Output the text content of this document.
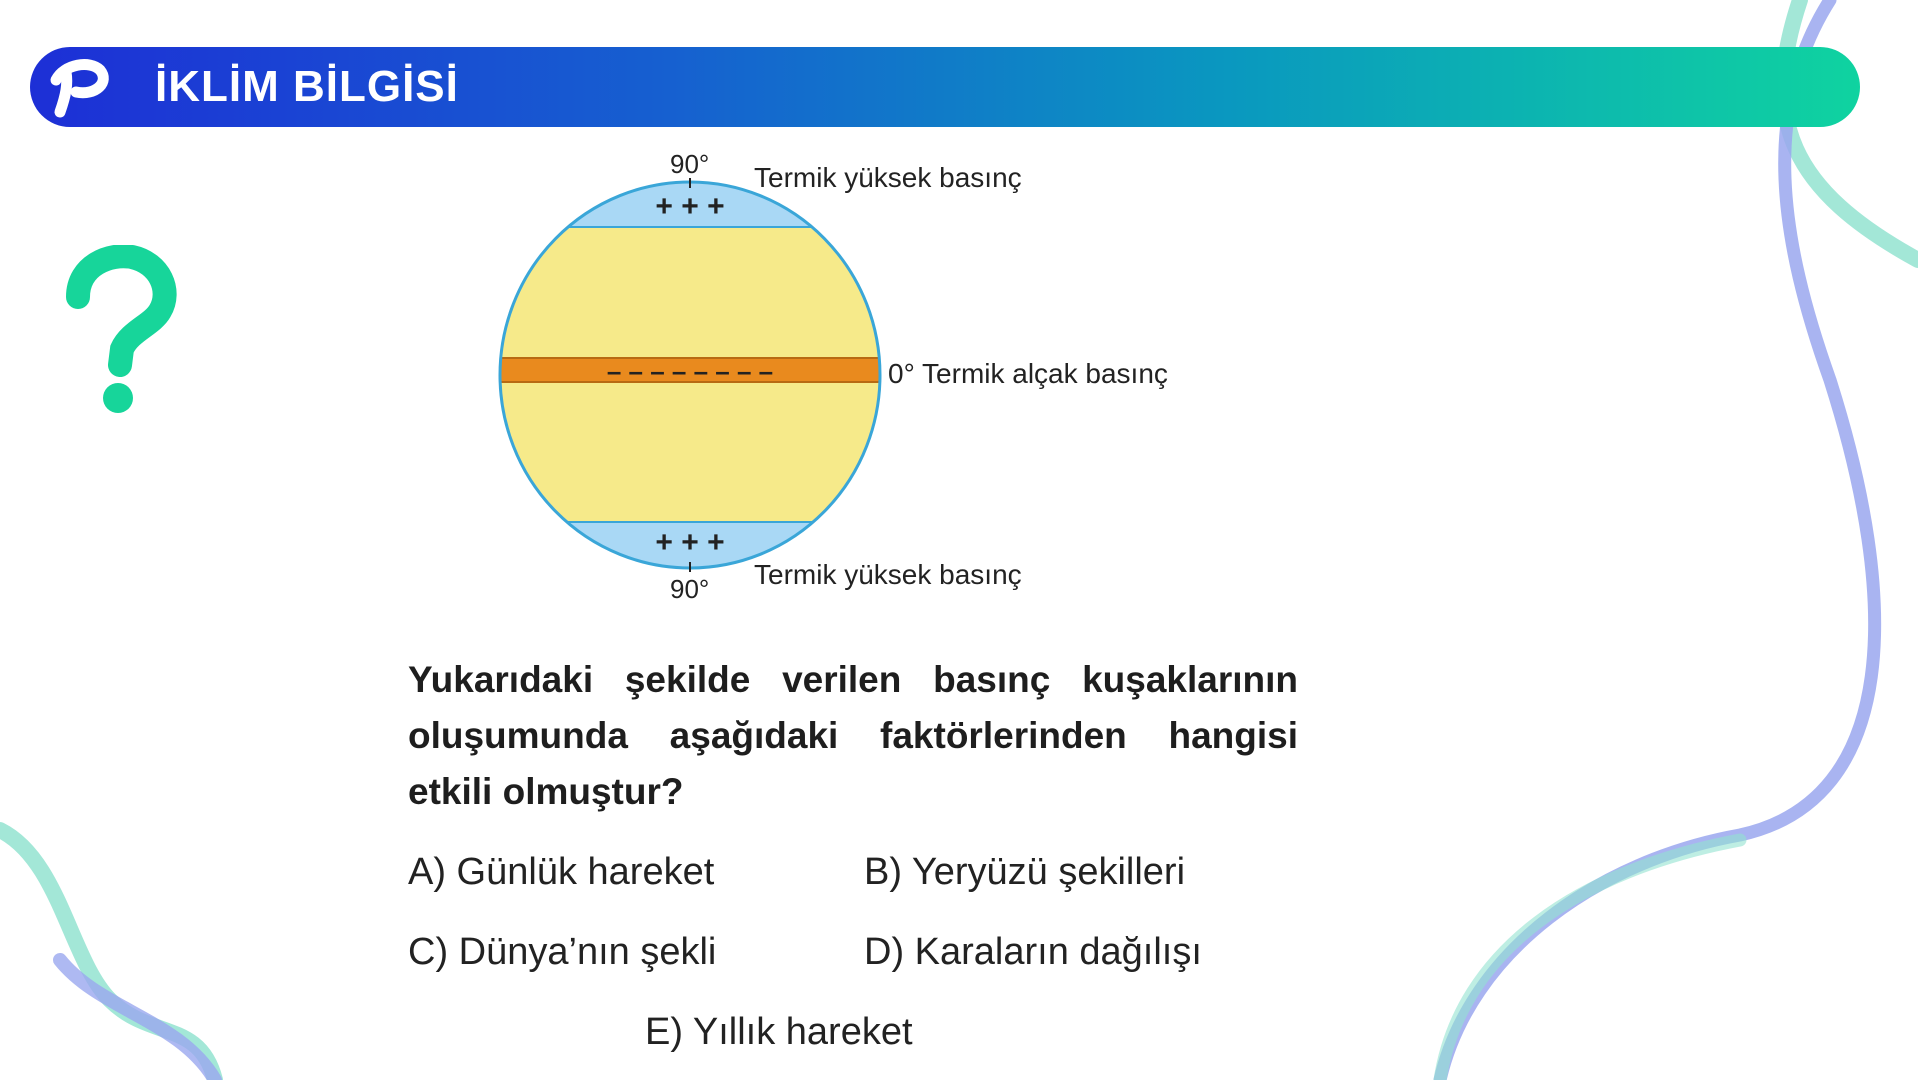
İKLİM BİLGİSİ
90° Termik yüksek basınç
+ + +
– – – – – – – –	0° Termik alçak basınç
+ + +
Termik yüksek basınç
90°
Yukarıdaki şekilde verilen basınç kuşaklarının oluşumunda aşağıdaki faktörlerinden hangisi etkili olmuştur?
A) Günlük hareket	B) Yeryüzü şekilleri
C) Dünya’nın şekli	D) Karaların dağılışı
E) Yıllık hareket
